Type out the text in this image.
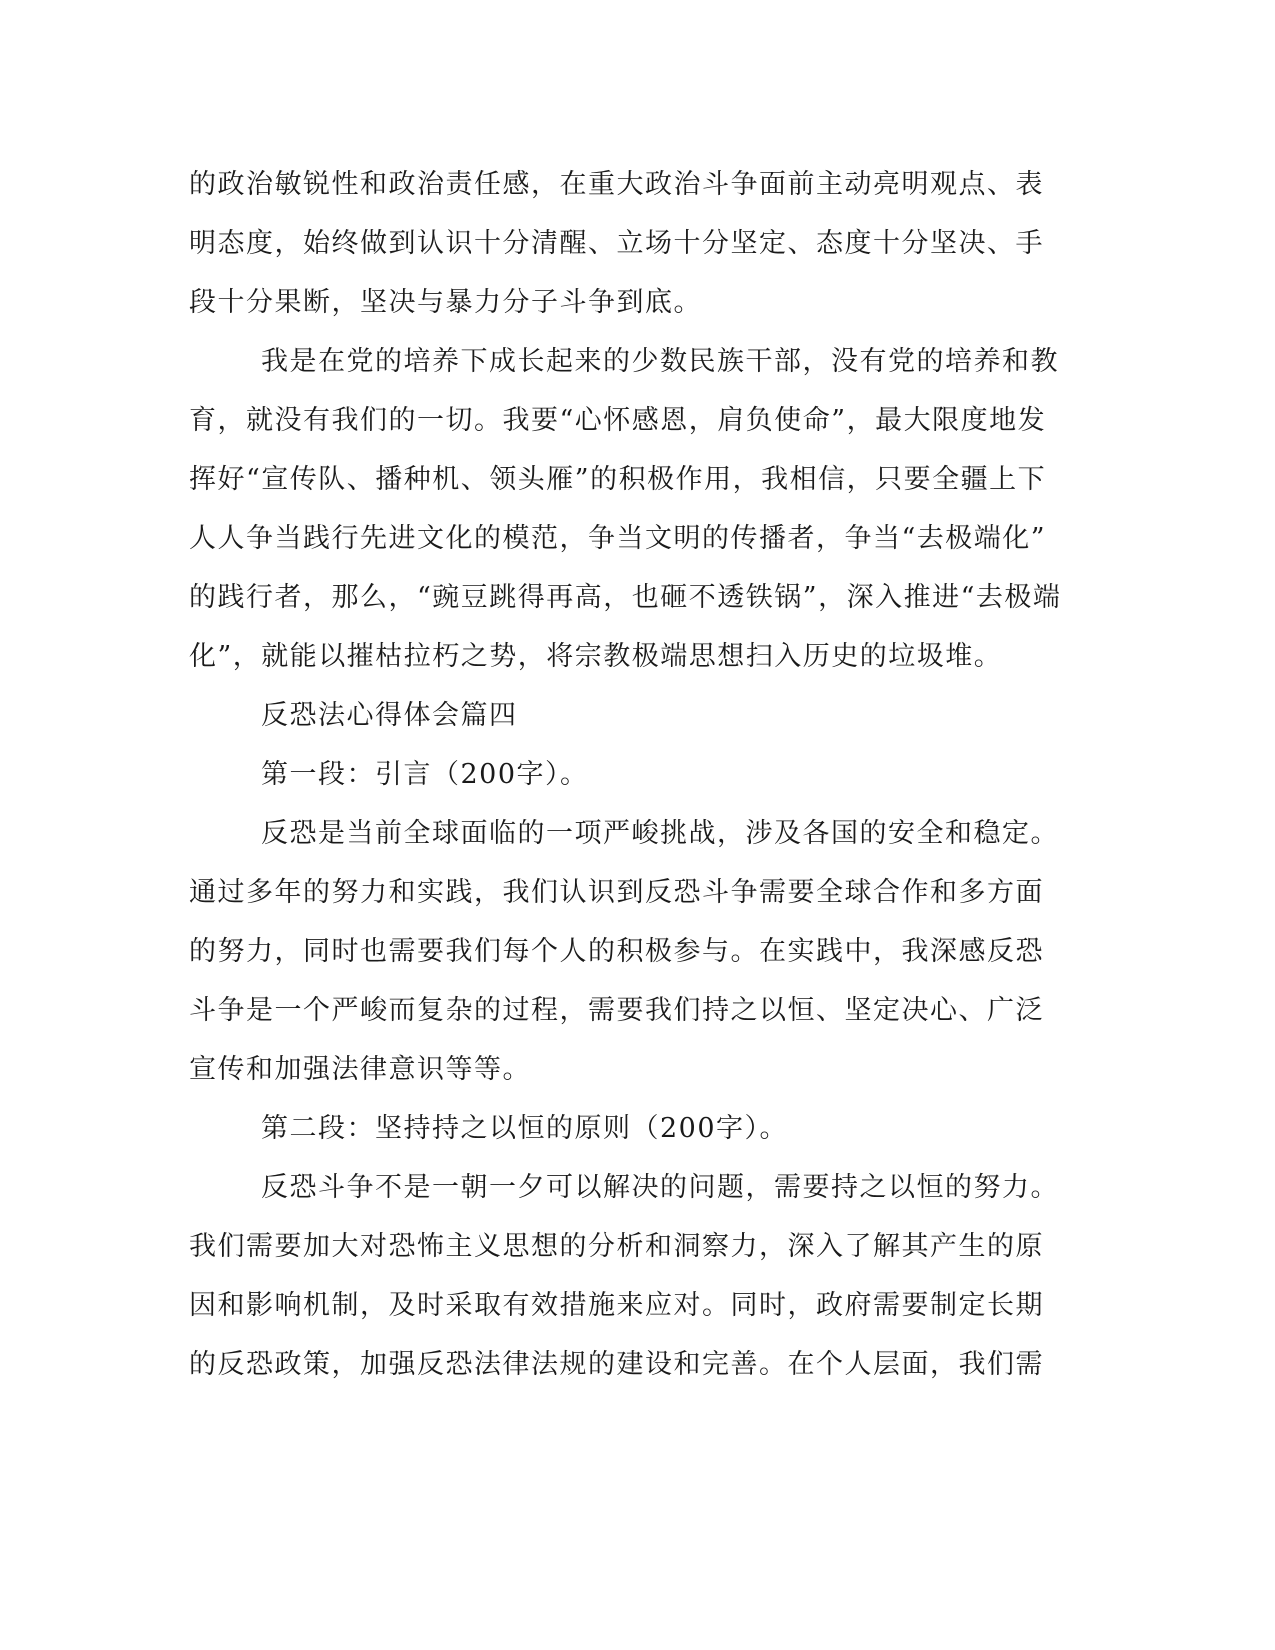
的政治敏锐性和政治责任感，在重大政治斗争面前主动亮明观点、表
明态度，始终做到认识十分清醒、立场十分坚定、态度十分坚决、手
段十分果断，坚决与暴力分子斗争到底。
我是在党的培养下成长起来的少数民族干部，没有党的培养和教
育，就没有我们的一切。我要“心怀感恩，肩负使命”，最大限度地发
挥好“宣传队、播种机、领头雁”的积极作用，我相信，只要全疆上下
人人争当践行先进文化的模范，争当文明的传播者，争当“去极端化”
的践行者，那么，“豌豆跳得再高，也砸不透铁锅”，深入推进“去极端
化”，就能以摧枯拉朽之势，将宗教极端思想扫入历史的垃圾堆。
反恐法心得体会篇四
第一段：引言（200字）。
反恐是当前全球面临的一项严峻挑战，涉及各国的安全和稳定。
通过多年的努力和实践，我们认识到反恐斗争需要全球合作和多方面
的努力，同时也需要我们每个人的积极参与。在实践中，我深感反恐
斗争是一个严峻而复杂的过程，需要我们持之以恒、坚定决心、广泛
宣传和加强法律意识等等。
第二段：坚持持之以恒的原则（200字）。
反恐斗争不是一朝一夕可以解决的问题，需要持之以恒的努力。
我们需要加大对恐怖主义思想的分析和洞察力，深入了解其产生的原
因和影响机制，及时采取有效措施来应对。同时，政府需要制定长期
的反恐政策，加强反恐法律法规的建设和完善。在个人层面，我们需
